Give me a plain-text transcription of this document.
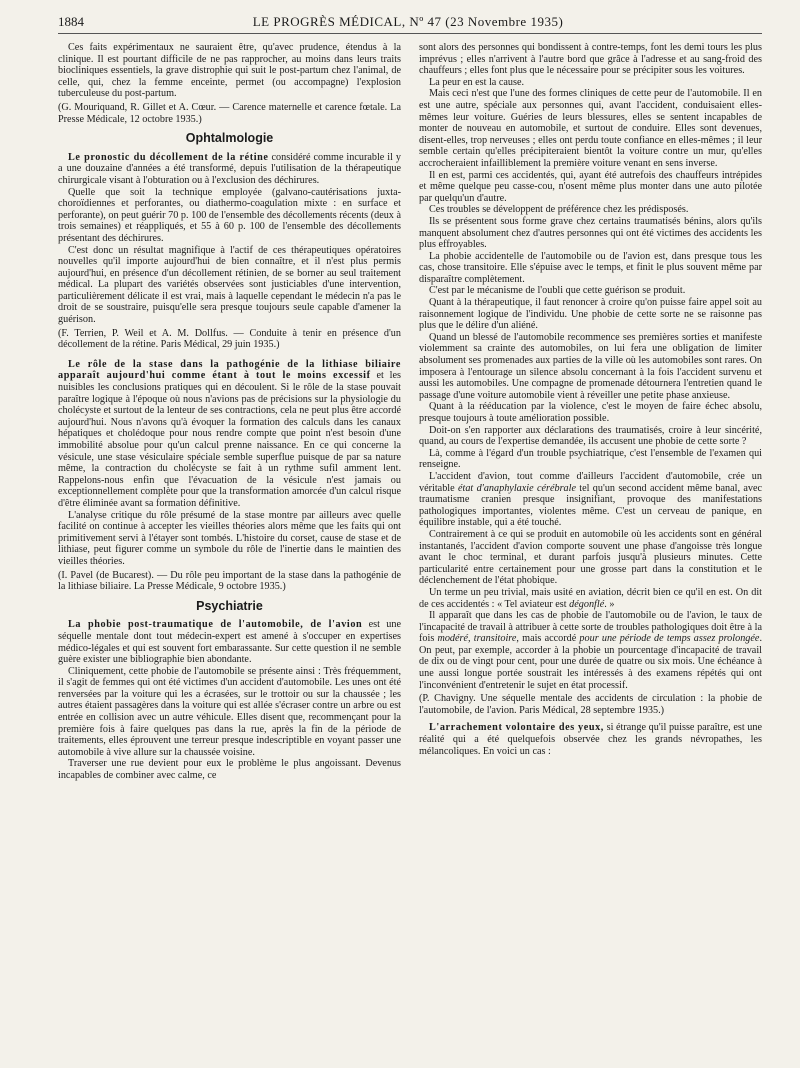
1884	LE PROGRÈS MÉDICAL, Nº 47 (23 Novembre 1935)

Ces faits expérimentaux ne sauraient être, qu'avec prudence, étendus à la clinique. Il est pourtant difficile de ne pas rapprocher, au moins dans leurs traits biocliniques essentiels, la grave distrophie qui suit le post-partum chez l'animal, de celle, qui, chez la femme enceinte, permet (ou accompagne) l'explosion tuberculeuse du post-partum.

(G. Mouriquand, R. Gillet et A. Cœur. — Carence maternelle et carence fœtale. La Presse Médicale, 12 octobre 1935.)

Ophtalmologie

Le pronostic du décollement de la rétine considéré comme incurable il y a une douzaine d'années a été transformé, depuis l'utilisation de la thérapeutique chirurgicale visant à l'obturation ou à l'exclusion des déchirures.

Quelle que soit la technique employée (galvano-cautérisations juxta-choroïdiennes et perforantes, ou diathermo-coagulation mixte : en surface et perforante), on peut guérir 70 p. 100 de l'ensemble des décollements récents (deux à trois semaines) et réappliqués, et 55 à 60 p. 100 de l'ensemble des décollements présentant des déchirures.

C'est donc un résultat magnifique à l'actif de ces thérapeutiques opératoires nouvelles qu'il importe aujourd'hui de bien connaître, et il n'est plus permis aujourd'hui, en présence d'un décollement rétinien, de se borner au seul traitement médical. La plupart des variétés observées sont justiciables d'une intervention, particulièrement délicate il est vrai, mais à laquelle cependant le médecin n'a pas le droit de se soustraire, puisqu'elle sera presque toujours seule capable d'amener la guérison.

(F. Terrien, P. Weil et A. M. Dollfus. — Conduite à tenir en présence d'un décollement de la rétine. Paris Médical, 29 juin 1935.)

Le rôle de la stase dans la pathogénie de la lithiase biliaire apparaît aujourd'hui comme étant à tout le moins excessif et les nuisibles les conclusions pratiques qui en découlent. Si le rôle de la stase pouvait paraître logique à l'époque où nous n'avions pas de précisions sur la physiologie du cholécyste et surtout de la lenteur de ses contractions, cela ne peut plus être accordé aujourd'hui. Nous n'avons qu'à évoquer la formation des calculs dans les canaux hépatiques et cholédoque pour nous rendre compte que point n'est besoin d'une immobilité absolue pour qu'un calcul prenne naissance. En ce qui concerne la vésicule, une stase vésiculaire spéciale semble superflue puisque de par sa nature même, la contraction du cholécyste se fait à un rythme sufil amment lent. Rappelons-nous enfin que l'évacuation de la vésicule n'est jamais ou exceptionnellement complète pour que la transformation amorcée d'un calcul risque d'être éliminée avant sa formation définitive.

L'analyse critique du rôle présumé de la stase montre par ailleurs avec quelle facilité on continue à accepter les vieilles théories alors même que les faits qui ont primitivement servi à l'étayer sont tombés. L'histoire du corset, cause de stase et de lithiase, peut figurer comme un symbole du rôle de l'inertie dans le maintien des vieilles théories.

(I. Pavel (de Bucarest). — Du rôle peu important de la stase dans la pathogénie de la lithiase biliaire. La Presse Médicale, 9 octobre 1935.)

Psychiatrie

La phobie post-traumatique de l'automobile, de l'avion est une séquelle mentale dont tout médecin-expert est amené à s'occuper en expertises médico-légales et qui est souvent fort embarassante. Sur cette question il ne semble guère exister une bibliographie bien abondante.

Cliniquement, cette phobie de l'automobile se présente ainsi : Très fréquemment, il s'agit de femmes qui ont été victimes d'un accident d'automobile. Les unes ont été renversées par la voiture qui les a écrasées, sur le trottoir ou sur la chaussée ; les autres étaient passagères dans la voiture qui est allée s'écraser contre un arbre ou est entrée en collision avec un autre véhicule. Elles disent que, recommençant pour la première fois à faire quelques pas dans la rue, après la fin de la période de traitements, elles éprouvent une terreur presque indescriptible en voyant passer une automobile à vive allure sur la chaussée voisine.

Traverser une rue devient pour eux le problème le plus angoissant. Devenus incapables de combiner avec calme, ce

sont alors des personnes qui bondissent à contre-temps, font les demi tours les plus imprévus ; elles n'arrivent à l'autre bord que grâce à l'adresse et au sang-froid des chauffeurs ; elles font plus que le nécessaire pour se précipiter sous les voitures.

La peur en est la cause.

Mais ceci n'est que l'une des formes cliniques de cette peur de l'automobile. Il en est une autre, spéciale aux personnes qui, avant l'accident, conduisaient elles-mêmes leur voiture. Guéries de leurs blessures, elles se sentent incapables de monter de nouveau en automobile, et surtout de conduire. Elles sont devenues, disent-elles, trop nerveuses ; elles ont perdu toute confiance en elles-mêmes ; il leur semble certain qu'elles précipiteraient bientôt la voiture contre un mur, qu'elles accrocheraient infailliblement la première voiture venant en sens inverse.

Il en est, parmi ces accidentés, qui, ayant été autrefois des chauffeurs intrépides et même quelque peu casse-cou, n'osent même plus monter dans une auto pilotée par quelqu'un d'autre.

Ces troubles se développent de préférence chez les prédisposés.

Ils se présentent sous forme grave chez certains traumatisés bénins, alors qu'ils manquent absolument chez d'autres personnes qui ont été victimes des accidents les plus effroyables.

La phobie accidentelle de l'automobile ou de l'avion est, dans presque tous les cas, chose transitoire. Elle s'épuise avec le temps, et finit le plus souvent même par disparaître complètement.

C'est par le mécanisme de l'oubli que cette guérison se produit.

Quant à la thérapeutique, il faut renoncer à croire qu'on puisse faire appel soit au raisonnement logique de l'individu. Une phobie de cette sorte ne se raisonne pas plus que le délire d'un aliéné.

Quand un blessé de l'automobile recommence ses premières sorties et manifeste violemment sa crainte des automobiles, on lui fera une obligation de limiter absolument ses promenades aux parties de la ville où les automobiles sont rares. On imposera à l'entourage un silence absolu concernant à la fois l'accident survenu et aussi les automobiles. Une compagne de promenade détournera l'entretien quand le passage d'une voiture automobile vient à réveiller une petite phase anxieuse.

Quant à la rééducation par la violence, c'est le moyen de faire échec absolu, presque toujours à toute amélioration possible.

Doit-on s'en rapporter aux déclarations des traumatisés, croire à leur sincérité, quand, au cours de l'expertise demandée, ils accusent une phobie de cette sorte ?

Là, comme à l'égard d'un trouble psychiatrique, c'est l'ensemble de l'examen qui renseigne.

L'accident d'avion, tout comme d'ailleurs l'accident d'automobile, crée un véritable état d'anaphylaxie cérébrale tel qu'un second accident même banal, avec traumatisme cranien presque insignifiant, provoque des manifestations pathologiques importantes, violentes même. C'est un cerveau de panique, en équilibre instable, qui a été touché.

Contrairement à ce qui se produit en automobile où les accidents sont en général instantanés, l'accident d'avion comporte souvent une phase d'angoisse très longue avant le choc terminal, et durant parfois jusqu'à plusieurs minutes. Cette particularité entre certainement pour une grosse part dans la constitution et le déclenchement de l'état phobique.

Un terme un peu trivial, mais usité en aviation, décrit bien ce qu'il en est. On dit de ces accidentés : « Tel aviateur est dégonflé. »

Il apparaît que dans les cas de phobie de l'automobile ou de l'avion, le taux de l'incapacité de travail à attribuer à cette sorte de troubles pathologiques doit être à la fois modéré, transitoire, mais accordé pour une période de temps assez prolongée. On peut, par exemple, accorder à la phobie un pourcentage d'incapacité de travail de dix ou de vingt pour cent, pour une durée de quatre ou six mois. Une échéance à une aussi longue portée soustrait les intéressés à des examens répétés qui ont l'inconvénient d'entretenir le sujet en état processif.

(P. Chavigny. Une séquelle mentale des accidents de circulation : la phobie de l'automobile, de l'avion. Paris Médical, 28 septembre 1935.)

L'arrachement volontaire des yeux, si étrange qu'il puisse paraître, est une réalité qui a été quelquefois observée chez les grands névropathes, les mélancoliques. En voici un cas :
